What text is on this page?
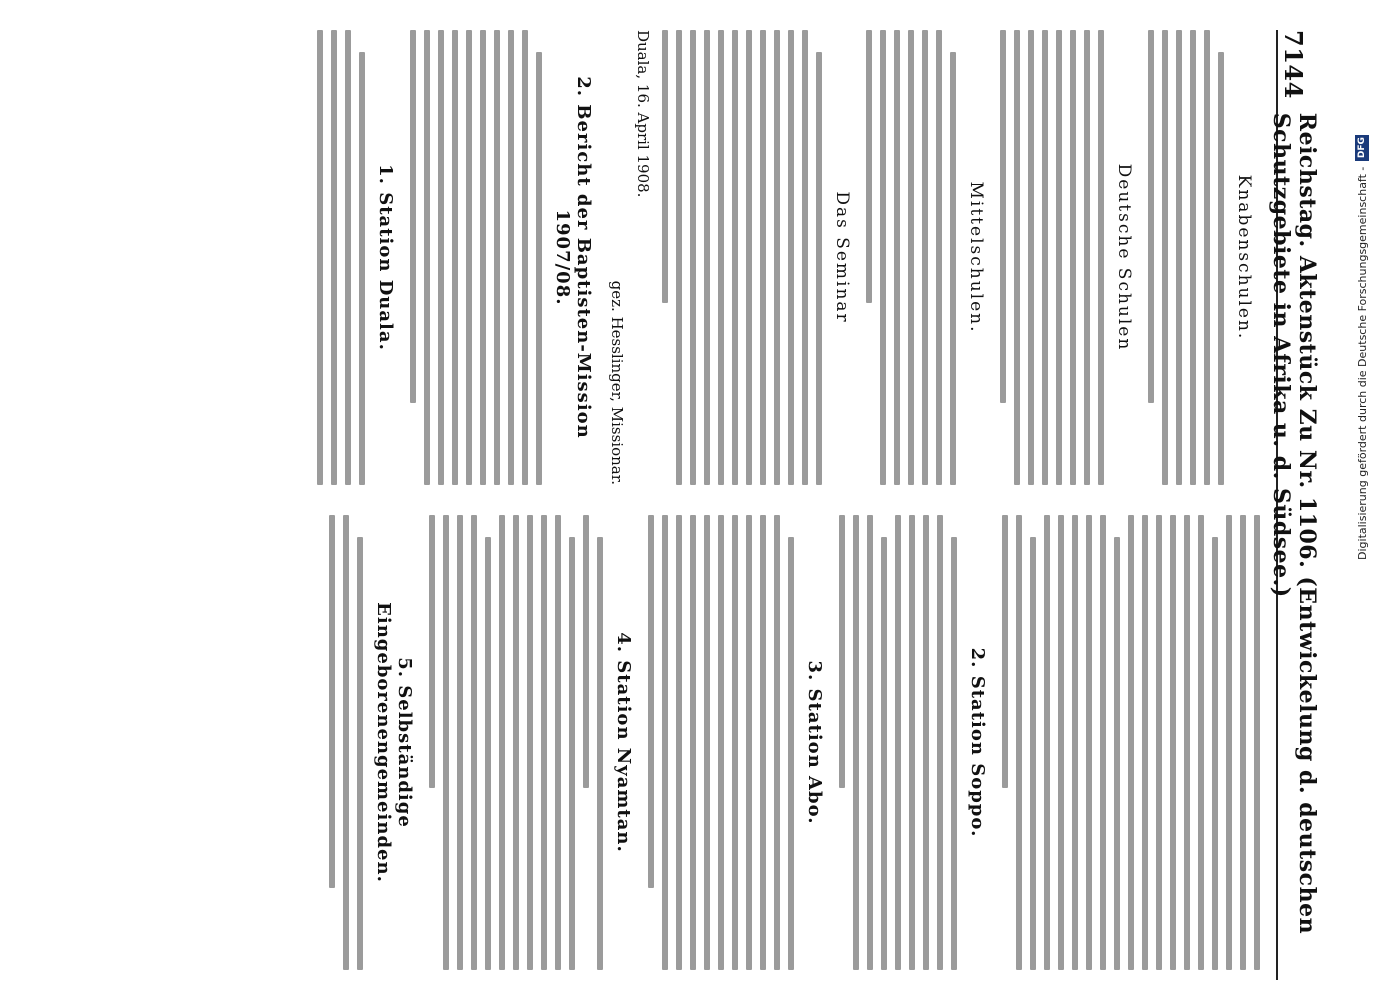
7144
Reichstag. Aktenstück Zu Nr. 1106. (Entwickelung d. deutschen Schutzgebiete in Afrika u. d. Südsee.)
Knabenschulen.
Deutsche Schulen
Mittelschulen.
Das Seminar
Duala, 16. April 1908.
gez. Hesslinger, Missionar.
2. Bericht der Baptisten-Mission 1907/08.
1. Station Duala.
2. Station Soppo.
3. Station Abo.
4. Station Nyamtan.
5. Selbständige Eingeborenengemeinden.
Digitalisierung gefördert durch die Deutsche Forschungsgemeinschaft -
DFG
